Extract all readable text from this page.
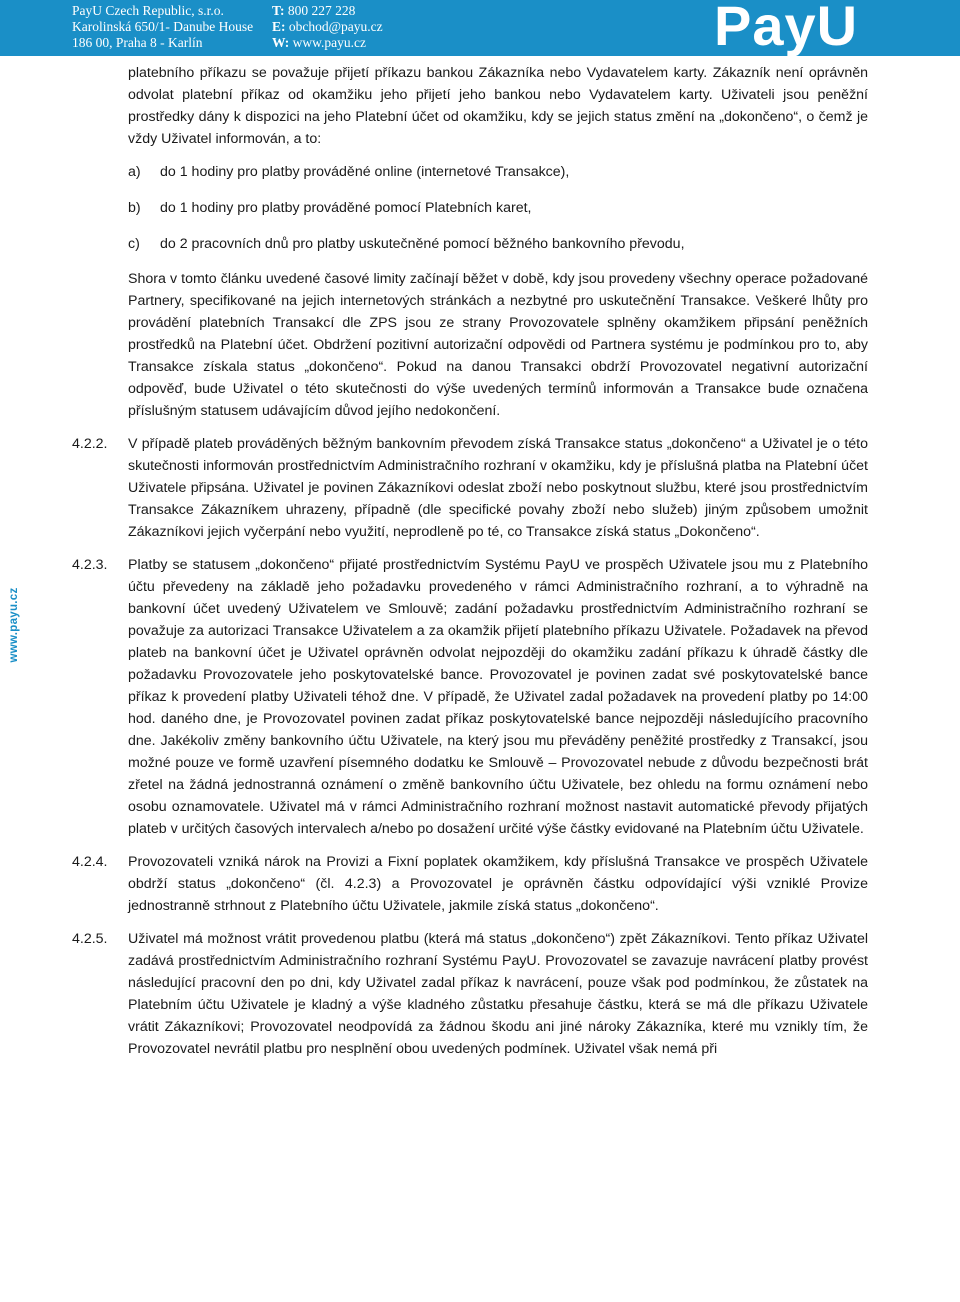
PayU Czech Republic, s.r.o.
Karolinská 650/1- Danube House
186 00, Praha 8 - Karlín
T: 800 227 228
E: obchod@payu.cz
W: www.payu.cz	PayU
www.payu.cz

platebního příkazu se považuje přijetí příkazu bankou Zákazníka nebo Vydavatelem karty. Zákazník není oprávněn odvolat platební příkaz od okamžiku jeho přijetí jeho bankou nebo Vydavatelem karty. Uživateli jsou peněžní prostředky dány k dispozici na jeho Platební účet od okamžiku, kdy se jejich status změní na „dokončeno“, o čemž je vždy Uživatel informován, a to:

a)	do 1 hodiny pro platby prováděné online (internetové Transakce),
b)	do 1 hodiny pro platby prováděné pomocí Platebních karet,
c)	do 2 pracovních dnů pro platby uskutečněné pomocí běžného bankovního převodu,

Shora v tomto článku uvedené časové limity začínají běžet v době, kdy jsou provedeny všechny operace požadované Partnery, specifikované na jejich internetových stránkách a nezbytné pro uskutečnění Transakce. Veškeré lhůty pro provádění platebních Transakcí dle ZPS jsou ze strany Provozovatele splněny okamžikem připsání peněžních prostředků na Platební účet. Obdržení pozitivní autorizační odpovědi od Partnera systému je podmínkou pro to, aby Transakce získala status „dokončeno“. Pokud na danou Transakci obdrží Provozovatel negativní autorizační odpověď, bude Uživatel o této skutečnosti do výše uvedených termínů informován a Transakce bude označena příslušným statusem udávajícím důvod jejího nedokončení.

4.2.2.	V případě plateb prováděných běžným bankovním převodem získá Transakce status „dokončeno“ a Uživatel je o této skutečnosti informován prostřednictvím Administračního rozhraní v okamžiku, kdy je příslušná platba na Platební účet Uživatele připsána. Uživatel je povinen Zákazníkovi odeslat zboží nebo poskytnout službu, které jsou prostřednictvím Transakce Zákazníkem uhrazeny, případně (dle specifické povahy zboží nebo služeb) jiným způsobem umožnit Zákazníkovi jejich vyčerpání nebo využití, neprodleně po té, co Transakce získá status „Dokončeno“.
4.2.3.	Platby se statusem „dokončeno“ přijaté prostřednictvím Systému PayU ve prospěch Uživatele jsou mu z Platebního účtu převedeny na základě jeho požadavku provedeného v rámci Administračního rozhraní, a to výhradně na bankovní účet uvedený Uživatelem ve Smlouvě; zadání požadavku prostřednictvím Administračního rozhraní se považuje za autorizaci Transakce Uživatelem a za okamžik přijetí platebního příkazu Uživatele. Požadavek na převod plateb na bankovní účet je Uživatel oprávněn odvolat nejpozději do okamžiku zadání příkazu k úhradě částky dle požadavku Provozovatele jeho poskytovatelské bance. Provozovatel je povinen zadat své poskytovatelské bance příkaz k provedení platby Uživateli téhož dne. V případě, že Uživatel zadal požadavek na provedení platby po 14:00 hod. daného dne, je Provozovatel povinen zadat příkaz poskytovatelské bance nejpozději následujícího pracovního dne. Jakékoliv změny bankovního účtu Uživatele, na který jsou mu převáděny peněžité prostředky z Transakcí, jsou možné pouze ve formě uzavření písemného dodatku ke Smlouvě – Provozovatel nebude z důvodu bezpečnosti brát zřetel na žádná jednostranná oznámení o změně bankovního účtu Uživatele, bez ohledu na formu oznámení nebo osobu oznamovatele. Uživatel má v rámci Administračního rozhraní možnost nastavit automatické převody přijatých plateb v určitých časových intervalech a/nebo po dosažení určité výše částky evidované na Platebním účtu Uživatele.
4.2.4.	Provozovateli vzniká nárok na Provizi a Fixní poplatek okamžikem, kdy příslušná Transakce ve prospěch Uživatele obdrží status „dokončeno“ (čl. 4.2.3) a Provozovatel je oprávněn částku odpovídající výši vzniklé Provize jednostranně strhnout z Platebního účtu Uživatele, jakmile získá status „dokončeno“.
4.2.5.	Uživatel má možnost vrátit provedenou platbu (která má status „dokončeno“) zpět Zákazníkovi. Tento příkaz Uživatel zadává prostřednictvím Administračního rozhraní Systému PayU. Provozovatel se zavazuje navrácení platby provést následující pracovní den po dni, kdy Uživatel zadal příkaz k navrácení, pouze však pod podmínkou, že zůstatek na Platebním účtu Uživatele je kladný a výše kladného zůstatku přesahuje částku, která se má dle příkazu Uživatele vrátit Zákazníkovi; Provozovatel neodpovídá za žádnou škodu ani jiné nároky Zákazníka, které mu vznikly tím, že Provozovatel nevrátil platbu pro nesplnění obou uvedených podmínek. Uživatel však nemá při
